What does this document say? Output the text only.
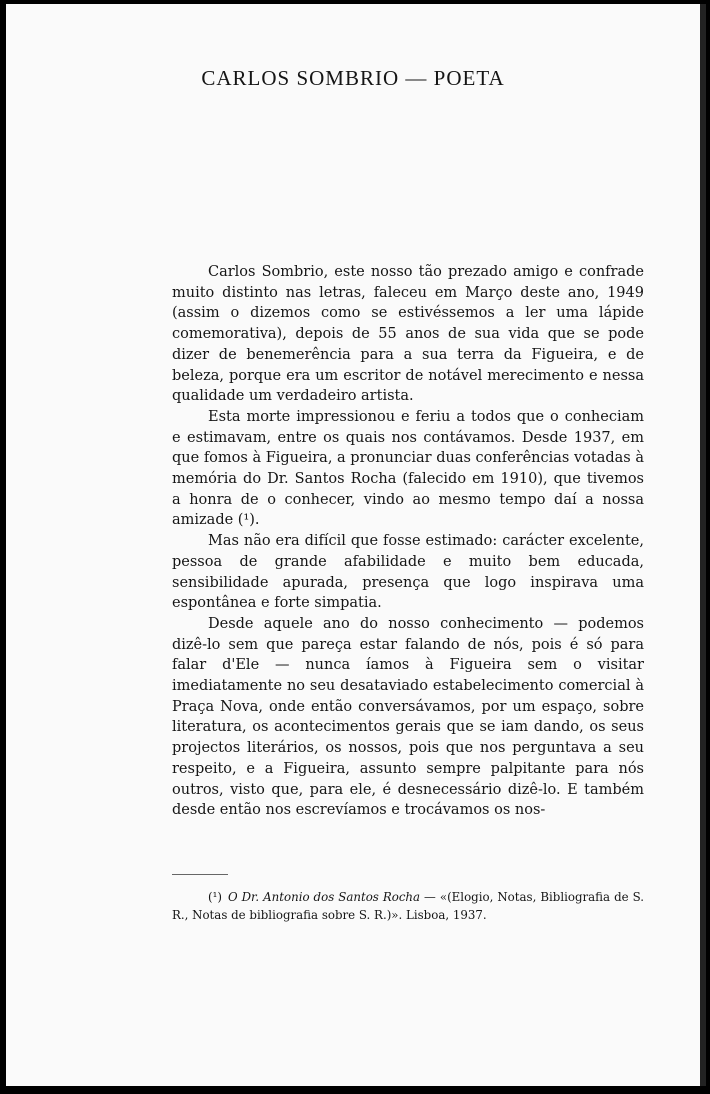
CARLOS SOMBRIO — POETA

Carlos Sombrio, este nosso tão prezado amigo e confrade muito distinto nas letras, faleceu em Março deste ano, 1949 (assim o dizemos como se estivéssemos a ler uma lápide comemorativa), depois de 55 anos de sua vida que se pode dizer de benemerência para a sua terra da Figueira, e de beleza, porque era um escritor de notável merecimento e nessa qualidade um verdadeiro artista.

Esta morte impressionou e feriu a todos que o conheciam e estimavam, entre os quais nos contávamos. Desde 1937, em que fomos à Figueira, a pronunciar duas conferências votadas à memória do Dr. Santos Rocha (falecido em 1910), que tivemos a honra de o conhecer, vindo ao mesmo tempo daí a nossa amizade (¹).

Mas não era difícil que fosse estimado: carácter excelente, pessoa de grande afabilidade e muito bem educada, sensibilidade apurada, presença que logo inspirava uma espontânea e forte simpatia.

Desde aquele ano do nosso conhecimento — podemos dizê-lo sem que pareça estar falando de nós, pois é só para falar d'Ele — nunca íamos à Figueira sem o visitar imediatamente no seu desataviado estabelecimento comercial à Praça Nova, onde então conversávamos, por um espaço, sobre literatura, os acontecimentos gerais que se iam dando, os seus projectos literários, os nossos, pois que nos perguntava a seu respeito, e a Figueira, assunto sempre palpitante para nós outros, visto que, para ele, é desnecessário dizê-lo. E também desde então nos escrevíamos e trocávamos os nos-

(¹) O Dr. Antonio dos Santos Rocha — «(Elogio, Notas, Bibliografia de S. R., Notas de bibliografia sobre S. R.)». Lisboa, 1937.
